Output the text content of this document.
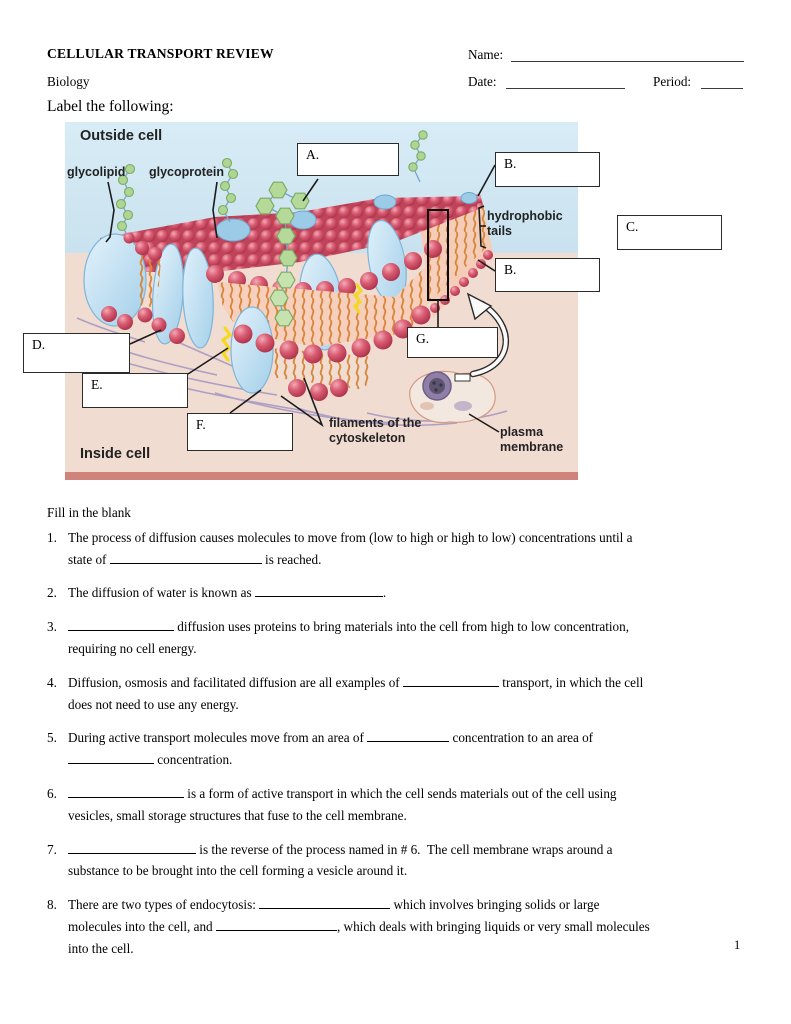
CELLULAR TRANSPORT REVIEW
Biology
Name:
Date:	Period:
Label the following:
Outside cell
glycolipid glycoprotein
hydrophobic tails
filaments of the cytoskeleton	plasma membrane
Inside cell
A.
B.
C.
B.
G.
D.
E.
F.
Fill in the blank
1. The process of diffusion causes molecules to move from (low to high or high to low) concentrations until a
state of	is reached.
2. The diffusion of water is known as	.
3.	diffusion uses proteins to bring materials into the cell from high to low concentration,
requiring no cell energy.
4. Diffusion, osmosis and facilitated diffusion are all examples of	transport, in which the cell
does not need to use any energy.
5. During active transport molecules move from an area of	concentration to an area of
concentration.
6.	is a form of active transport in which the cell sends materials out of the cell using
vesicles, small storage structures that fuse to the cell membrane.
7.	is the reverse of the process named in # 6.  The cell membrane wraps around a
substance to be brought into the cell forming a vesicle around it.
8. There are two types of endocytosis:	which involves bringing solids or large
molecules into the cell, and	, which deals with bringing liquids or very small molecules
into the cell.	1
